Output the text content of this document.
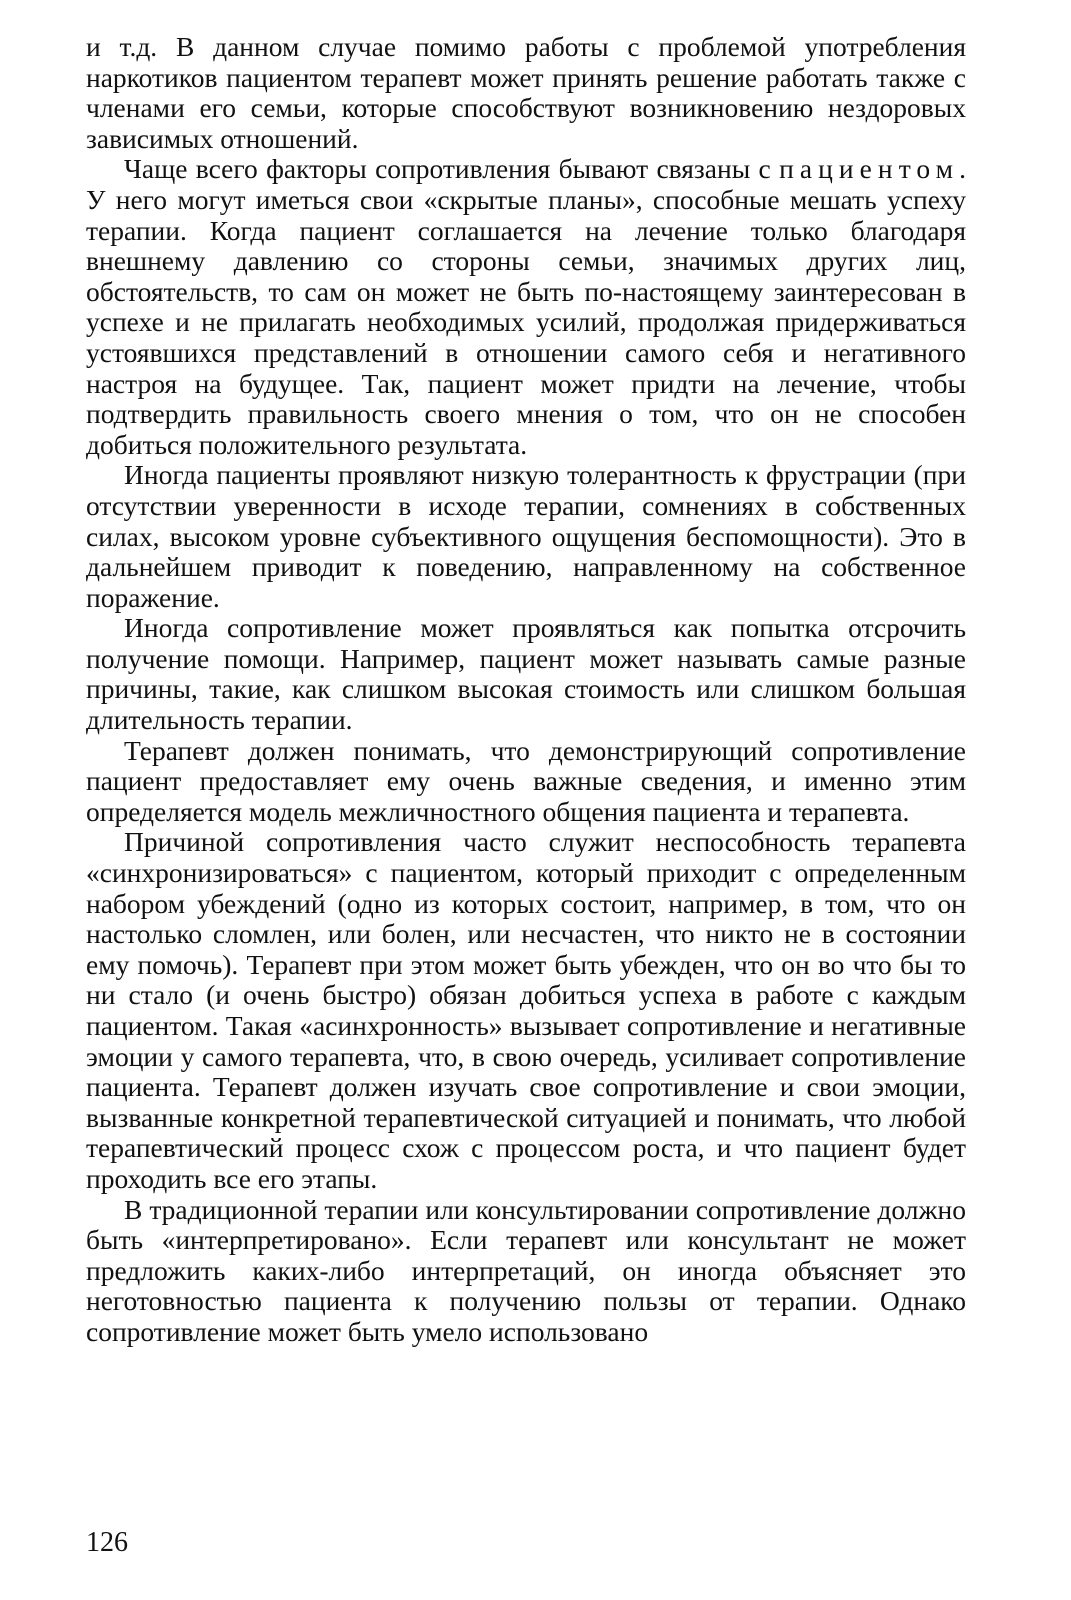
и т.д. В данном случае помимо работы с проблемой употребления наркотиков пациентом терапевт может принять решение работать также с членами его семьи, которые способствуют возникновению нездоровых зависимых отношений.

Чаще всего факторы сопротивления бывают связаны с пациентом. У него могут иметься свои «скрытые планы», способные мешать успеху терапии. Когда пациент соглашается на лечение только благодаря внешнему давлению со стороны семьи, значимых других лиц, обстоятельств, то сам он может не быть по-настоящему заинтересован в успехе и не прилагать необходимых усилий, продолжая придерживаться устоявшихся представлений в отношении самого себя и негативного настроя на будущее. Так, пациент может придти на лечение, чтобы подтвердить правильность своего мнения о том, что он не способен добиться положительного результата.

Иногда пациенты проявляют низкую толерантность к фрустрации (при отсутствии уверенности в исходе терапии, сомнениях в собственных силах, высоком уровне субъективного ощущения беспомощности). Это в дальнейшем приводит к поведению, направленному на собственное поражение.

Иногда сопротивление может проявляться как попытка отсрочить получение помощи. Например, пациент может называть самые разные причины, такие, как слишком высокая стоимость или слишком большая длительность терапии.

Терапевт должен понимать, что демонстрирующий сопротивление пациент предоставляет ему очень важные сведения, и именно этим определяется модель межличностного общения пациента и терапевта.

Причиной сопротивления часто служит неспособность терапевта «синхронизироваться» с пациентом, который приходит с определенным набором убеждений (одно из которых состоит, например, в том, что он настолько сломлен, или болен, или несчастен, что никто не в состоянии ему помочь). Терапевт при этом может быть убежден, что он во что бы то ни стало (и очень быстро) обязан добиться успеха в работе с каждым пациентом. Такая «асинхронность» вызывает сопротивление и негативные эмоции у самого терапевта, что, в свою очередь, усиливает сопротивление пациента. Терапевт должен изучать свое сопротивление и свои эмоции, вызванные конкретной терапевтической ситуацией и понимать, что любой терапевтический процесс схож с процессом роста, и что пациент будет проходить все его этапы.

В традиционной терапии или консультировании сопротивление должно быть «интерпретировано». Если терапевт или консультант не может предложить каких-либо интерпретаций, он иногда объясняет это неготовностью пациента к получению пользы от терапии. Однако сопротивление может быть умело использовано

126
